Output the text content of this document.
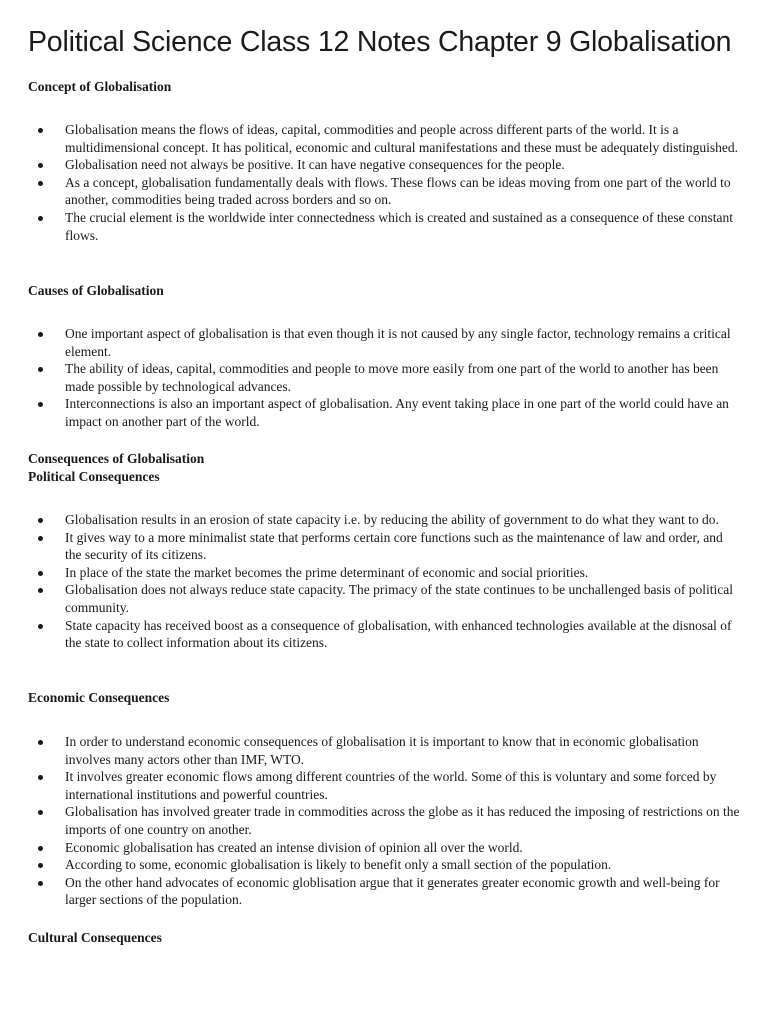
Political Science Class 12 Notes Chapter 9 Globalisation
Concept of Globalisation
Globalisation means the flows of ideas, capital, commodities and people across different parts of the world. It is a multidimensional concept. It has political, economic and cultural manifestations and these must be adequately distinguished.
Globalisation need not always be positive. It can have negative consequences for the people.
As a concept, globalisation fundamentally deals with flows. These flows can be ideas moving from one part of the world to another, commodities being traded across borders and so on.
The crucial element is the worldwide inter connectedness which is created and sustained as a consequence of these constant flows.
Causes of Globalisation
One important aspect of globalisation is that even though it is not caused by any single factor, technology remains a critical element.
The ability of ideas, capital, commodities and people to move more easily from one part of the world to another has been made possible by technological advances.
Interconnections is also an important aspect of globalisation. Any event taking place in one part of the world could have an impact on another part of the world.
Consequences of Globalisation
Political Consequences
Globalisation results in an erosion of state capacity i.e. by reducing the ability of government to do what they want to do.
It gives way to a more minimalist state that performs certain core functions such as the maintenance of law and order, and the security of its citizens.
In place of the state the market becomes the prime determinant of economic and social priorities.
Globalisation does not always reduce state capacity. The primacy of the state continues to be unchallenged basis of political community.
State capacity has received boost as a consequence of globalisation, with enhanced technologies available at the disnosal of the state to collect information about its citizens.
Economic Consequences
In order to understand economic consequences of globalisation it is important to know that in economic globalisation involves many actors other than IMF, WTO.
It involves greater economic flows among different countries of the world. Some of this is voluntary and some forced by international institutions and powerful countries.
Globalisation has involved greater trade in commodities across the globe as it has reduced the imposing of restrictions on the imports of one country on another.
Economic globalisation has created an intense division of opinion all over the world.
According to some, economic globalisation is likely to benefit only a small section of the population.
On the other hand advocates of economic globlisation argue that it generates greater economic growth and well-being for larger sections of the population.
Cultural Consequences
